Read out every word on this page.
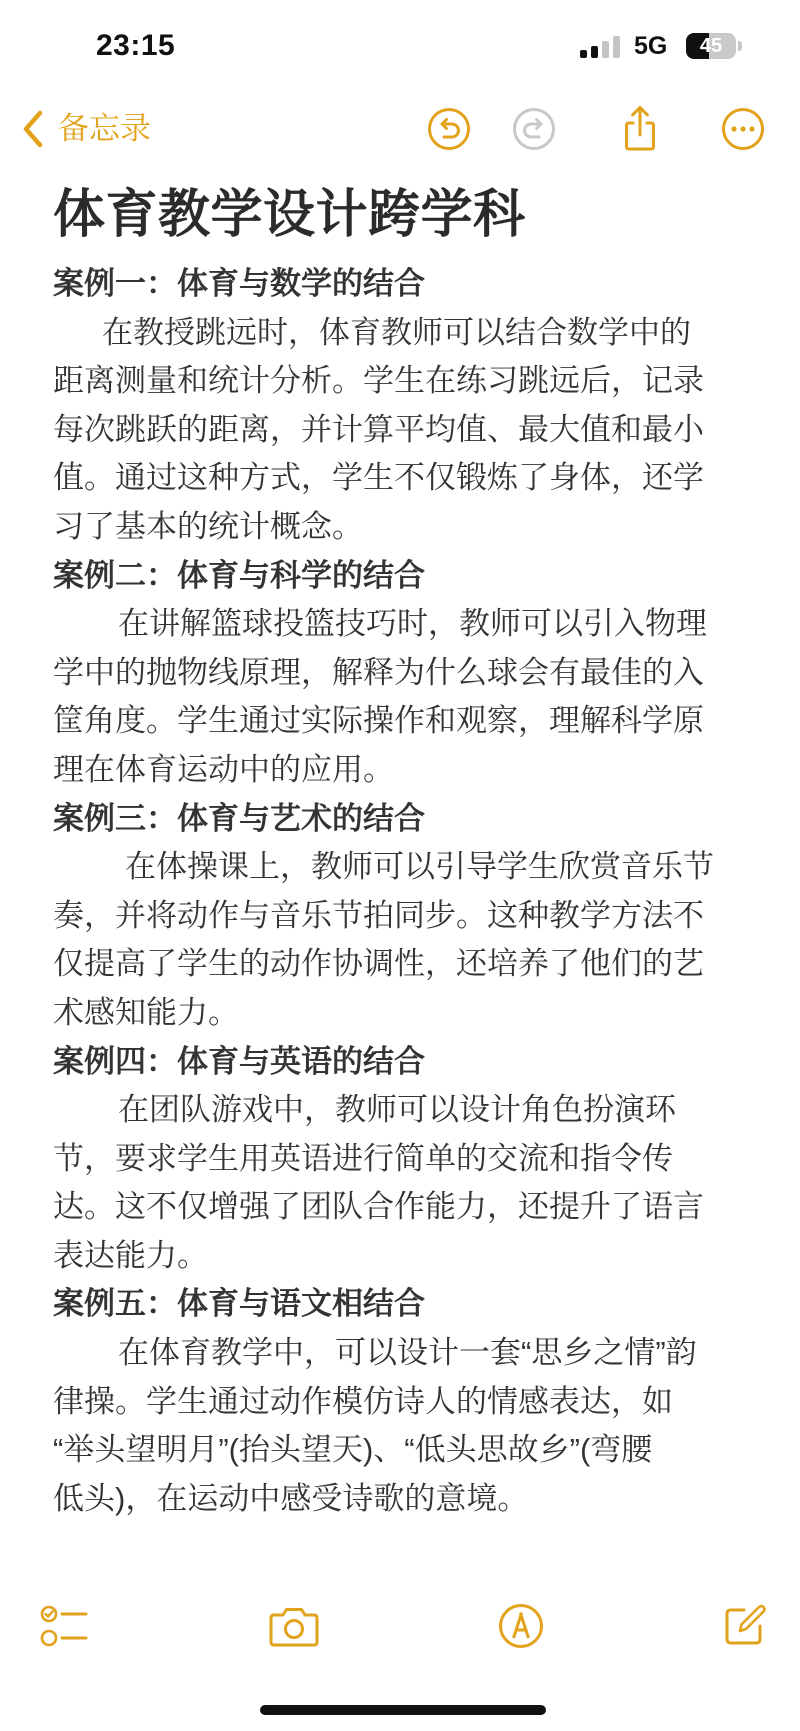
23:15	5G	45
备忘录
体育教学设计跨学科
案例一：体育与数学的结合
在教授跳远时，体育教师可以结合数学中的
距离测量和统计分析。学生在练习跳远后，记录
每次跳跃的距离，并计算平均值、最大值和最小
值。通过这种方式，学生不仅锻炼了身体，还学
习了基本的统计概念。
案例二：体育与科学的结合
在讲解篮球投篮技巧时，教师可以引入物理
学中的抛物线原理，解释为什么球会有最佳的入
筐角度。学生通过实际操作和观察，理解科学原
理在体育运动中的应用。
案例三：体育与艺术的结合
在体操课上，教师可以引导学生欣赏音乐节
奏，并将动作与音乐节拍同步。这种教学方法不
仅提高了学生的动作协调性，还培养了他们的艺
术感知能力。
案例四：体育与英语的结合
在团队游戏中，教师可以设计角色扮演环
节，要求学生用英语进行简单的交流和指令传
达。这不仅增强了团队合作能力，还提升了语言
表达能力。
案例五：体育与语文相结合
在体育教学中，可以设计一套“思乡之情”韵
律操。学生通过动作模仿诗人的情感表达，如
“举头望明月”(抬头望天)、“低头思故乡”(弯腰
低头)，在运动中感受诗歌的意境。
